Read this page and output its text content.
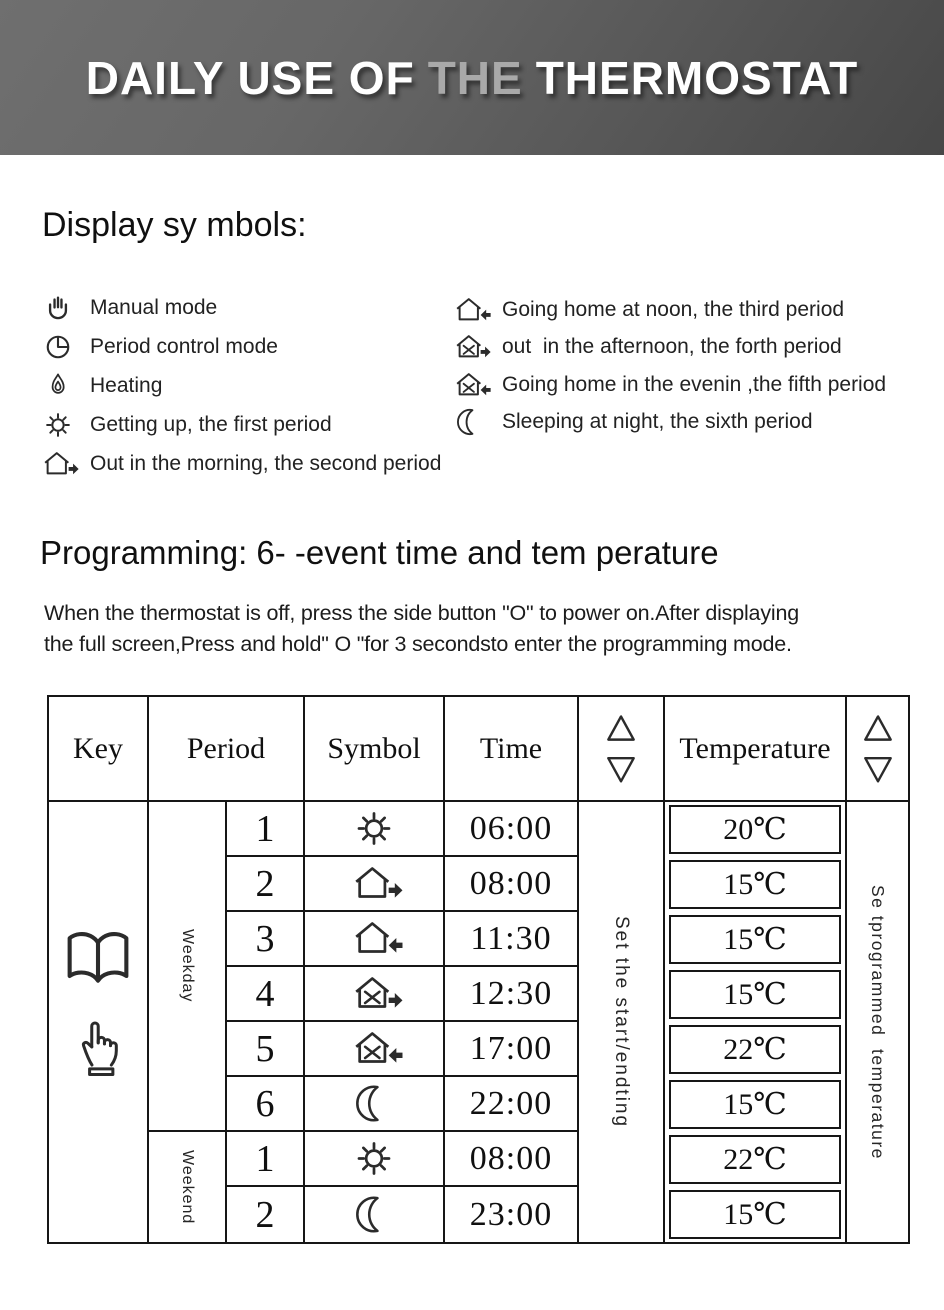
DAILY USE OF THE THERMOSTAT
Display sy mbols:
Manual mode
Period control mode
Heating
Getting up, the first period
Out in the morning, the second period
Going home at noon, the third period
out  in the afternoon, the forth period
Going home in the evenin ,the fifth period
Sleeping at night, the sixth period
Programming: 6- -event time and tem perature
When the thermostat is off, press the side button "O" to power on.After displaying
the full screen,Press and hold" O "for 3 secondsto enter the programming mode.
Key Period Symbol Time	Temperature
Set the start/endting	Se tprogrammed  temperature
Weekday
1	06:00	20℃
2	08:00	15℃
3	11:30	15℃
4	12:30	15℃
5	17:00	22℃
6	22:00	15℃
Weekend 1	08:00	22℃
2	23:00	15℃
